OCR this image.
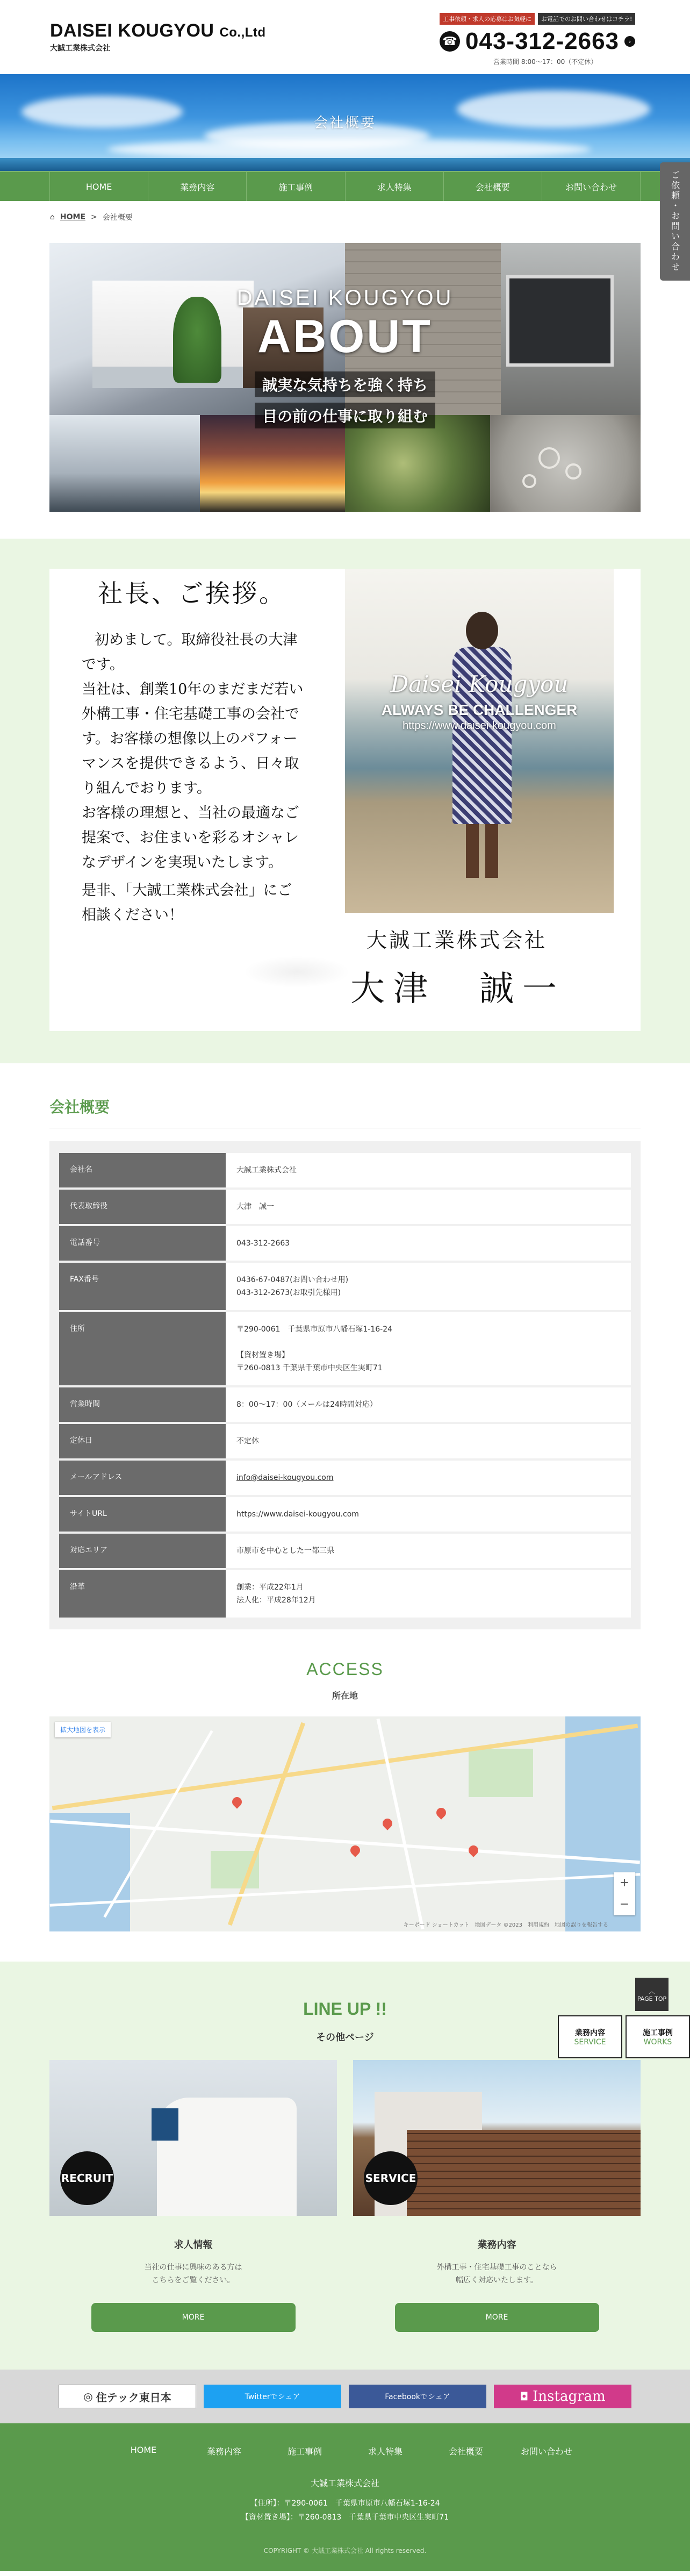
DAISEI KOUGYOU Co.,Ltd
大誠工業株式会社
工事依頼・求人の応募はお気軽に	お電話でのお問い合わせはコチラ!
☎ 043-312-2663	›
営業時間 8:00〜17：00（不定休）
会社概要
HOME	業務内容	施工事例	求人特集	会社概要	お問い合わせ	ご依頼・お問い合わせ
⌂ HOME > 会社概要
DAISEI KOUGYOU
ABOUT
誠実な気持ちを強く持ち
目の前の仕事に取り組む
社長、ご挨拶。

初めまして。取締役社長の大津

です。

当社は、創業10年のまだまだ若い

外構工事・住宅基礎工事の会社で

す。お客様の想像以上のパフォー

マンスを提供できるよう、日々取

り組んでおります。

お客様の理想と、当社の最適なご

提案で、お住まいを彩るオシャレ

なデザインを実現いたします。

是非、「大誠工業株式会社」にご

相談ください！

Daisei Kougyou
ALWAYS BE CHALLENGER
https://www.daisei-kougyou.com
大誠工業株式会社
大津　誠一
会社概要
会社名	大誠工業株式会社
代表取締役	大津　誠一
電話番号	043-312-2663
FAX番号	0436-67-0487(お問い合わせ用)
043-312-2673(お取引先様用)
住所	〒290-0061　千葉県市原市八幡石塚1-16-24

【資材置き場】
〒260-0813 千葉県千葉市中央区生実町71
営業時間	8：00〜17：00（メールは24時間対応）
定休日	不定休
メールアドレス	info@daisei-kougyou.com
サイトURL	https://www.daisei-kougyou.com
対応エリア	市原市を中心とした一都三県
沿革	創業：平成22年1月
法人化：平成28年12月
ACCESS
所在地
拡大地図を表示
+
−
キーボード ショートカット　地図データ ©2023　利用規約　地図の誤りを報告する
︿
PAGE TOP
LINE UP !!
その他ページ	業務内容
SERVICE
施工事例
WORKS
RECRUIT
求人情報

当社の仕事に興味のある方は
こちらをご覧ください。

MORE
SERVICE
業務内容

外構工事・住宅基礎工事のことなら
幅広く対応いたします。

MORE
◎ 住テック東日本	Twitterでシェア	Facebookでシェア	◘ Instagram
HOME	業務内容	施工事例	求人特集	会社概要	お問い合わせ
大誠工業株式会社
【住所】：〒290-0061　千葉県市原市八幡石塚1-16-24
【資材置き場】：〒260-0813　千葉県千葉市中央区生実町71
COPYRIGHT © 大誠工業株式会社 All rights reserved.
